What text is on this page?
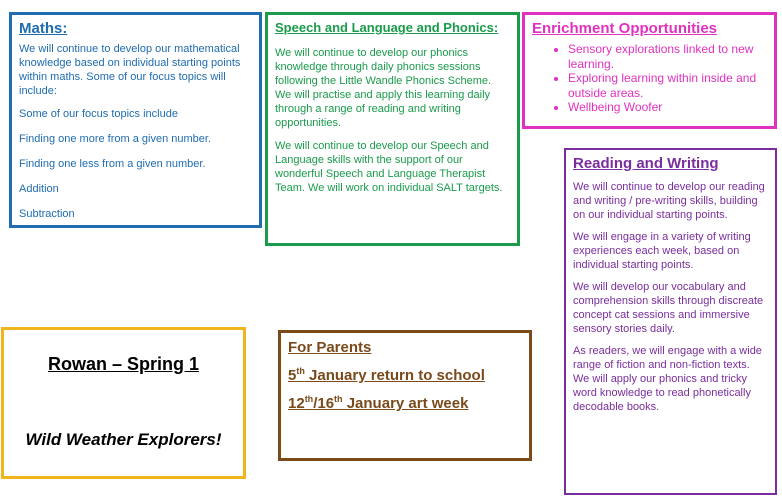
Maths:

We will continue to develop our mathematical knowledge based on individual starting points within maths. Some of our focus topics will include:

Some of our focus topics include

Finding one more from a given number.

Finding one less from a given number.

Addition

Subtraction

Speech and Language and Phonics:

We will continue to develop our phonics knowledge through daily phonics sessions following the Little Wandle Phonics Scheme. We will practise and apply this learning daily through a range of reading and writing opportunities.

We will continue to develop our Speech and Language skills with the support of our wonderful Speech and Language Therapist Team. We will work on individual SALT targets.

Enrichment Opportunities

• Sensory explorations linked to new learning.
• Exploring learning within inside and outside areas.
• Wellbeing Woofer

Reading and Writing

We will continue to develop our reading and writing / pre-writing skills, building on our individual starting points.

We will engage in a variety of writing experiences each week, based on individual starting points.

We will develop our vocabulary and comprehension skills through discreate concept cat sessions and immersive sensory stories daily.

As readers, we will engage with a wide range of fiction and non-fiction texts. We will apply our phonics and tricky word knowledge to read phonetically decodable books.

Rowan – Spring 1
Wild Weather Explorers!

For Parents

5th January return to school

12th/16th January art week
